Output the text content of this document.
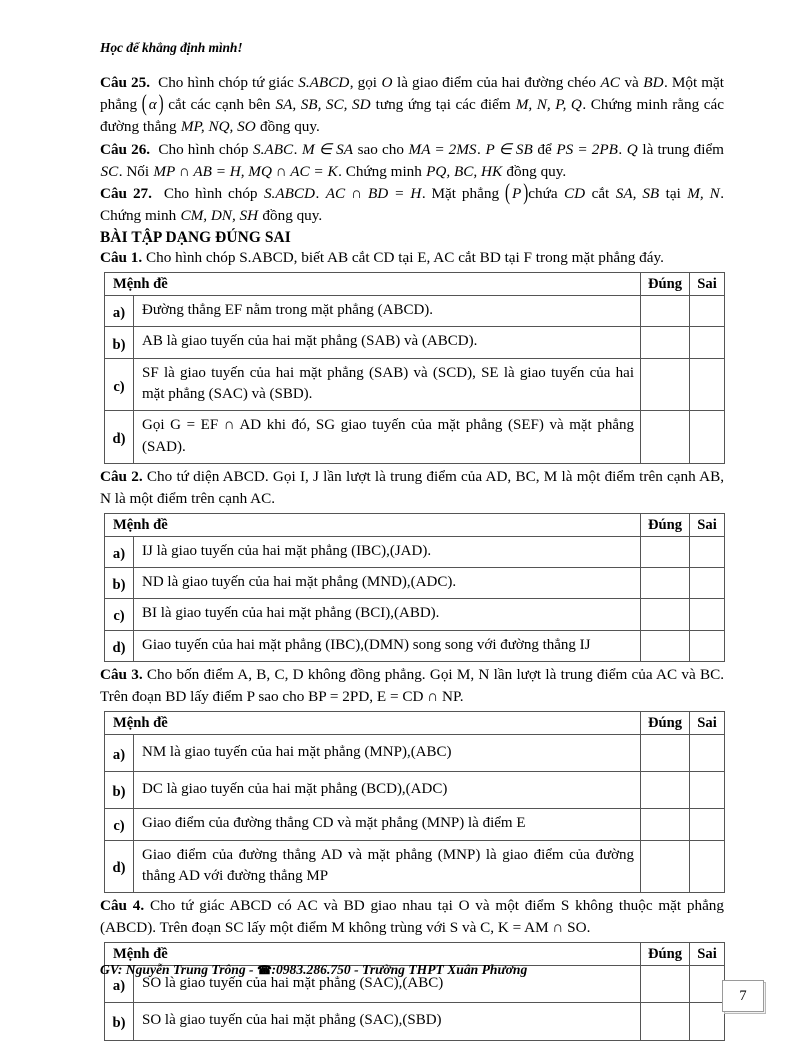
Học để khẳng định mình!

Câu 25. Cho hình chóp tứ giác S.ABCD, gọi O là giao điểm của hai đường chéo AC và BD. Một mặt phẳng ( α ) cắt các cạnh bên SA, SB, SC, SD tưng ứng tại các điểm M, N, P, Q. Chứng minh rằng các đường thẳng MP, NQ, SO đồng quy.

Câu 26. Cho hình chóp S.ABC. M ∈ SA sao cho MA = 2MS. P ∈ SB để PS = 2PB. Q là trung điểm SC. Nối MP ∩ AB = H, MQ ∩ AC = K. Chứng minh PQ, BC, HK đồng quy.

Câu 27. Cho hình chóp S.ABCD. AC ∩ BD = H. Mặt phẳng ( P ) chứa CD cắt SA, SB tại M, N. Chứng minh CM, DN, SH đồng quy.

BÀI TẬP DẠNG ĐÚNG SAI

Câu 1. Cho hình chóp S.ABCD, biết AB cắt CD tại E, AC cắt BD tại F trong mặt phẳng đáy.

Mệnh đề		Đúng	Sai
a)	Đường thẳng EF nằm trong mặt phẳng (ABCD).		
b)	AB là giao tuyến của hai mặt phẳng (SAB) và (ABCD).		
c)	SF là giao tuyến của hai mặt phẳng (SAB) và (SCD), SE là giao tuyến của hai mặt phẳng (SAC) và (SBD).		
d)	Gọi G = EF ∩ AD khi đó, SG giao tuyến của mặt phẳng (SEF) và mặt phẳng (SAD).		

Câu 2. Cho tứ diện ABCD. Gọi I, J lần lượt là trung điểm của AD, BC, M là một điểm trên cạnh AB, N là một điểm trên cạnh AC.

Mệnh đề		Đúng	Sai
a)	IJ là giao tuyến của hai mặt phẳng (IBC),(JAD).		
b)	ND là giao tuyến của hai mặt phẳng (MND),(ADC).		
c)	BI là giao tuyến của hai mặt phẳng (BCI),(ABD).		
d)	Giao tuyến của hai mặt phẳng (IBC),(DMN) song song với đường thẳng IJ		

Câu 3. Cho bốn điểm A, B, C, D không đồng phẳng. Gọi M, N lần lượt là trung điểm của AC và BC. Trên đoạn BD lấy điểm P sao cho BP = 2PD, E = CD ∩ NP.

Mệnh đề		Đúng	Sai
a)	NM là giao tuyến của hai mặt phẳng (MNP),(ABC)		
b)	DC là giao tuyến của hai mặt phẳng (BCD),(ADC)		
c)	Giao điểm của đường thẳng CD và mặt phẳng (MNP) là điểm E		
d)	Giao điểm của đường thẳng AD và mặt phẳng (MNP) là giao điểm của đường thẳng AD với đường thẳng MP		

Câu 4. Cho tứ giác ABCD có AC và BD giao nhau tại O và một điểm S không thuộc mặt phẳng (ABCD). Trên đoạn SC lấy một điểm M không trùng với S và C, K = AM ∩ SO.

Mệnh đề		Đúng	Sai
a)	SO là giao tuyến của hai mặt phẳng (SAC),(ABC)		
b)	SO là giao tuyến của hai mặt phẳng (SAC),(SBD)		
GV: Nguyễn Trung Trông - ☎:0983.286.750 - Trường THPT Xuân Phương
7
